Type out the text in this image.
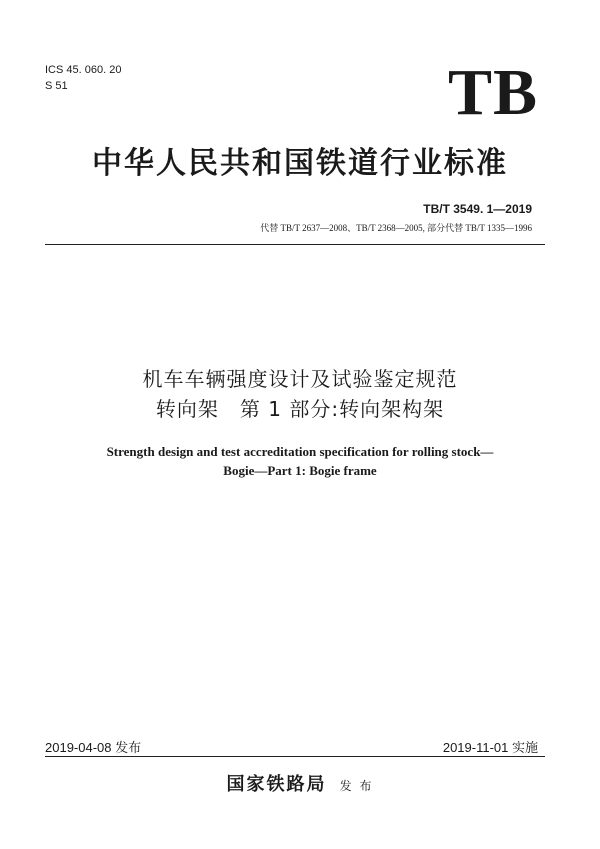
ICS 45. 060. 20
S 51	TB
中华人民共和国铁道行业标准
TB/T 3549. 1—2019
代替 TB/T 2637—2008、TB/T 2368—2005, 部分代替 TB/T 1335—1996
机车车辆强度设计及试验鉴定规范
转向架　第 1 部分:转向架构架
Strength design and test accreditation specification for rolling stock—
Bogie—Part 1: Bogie frame
2019-04-08 发布	2019-11-01 实施
国家铁路局 发 布
